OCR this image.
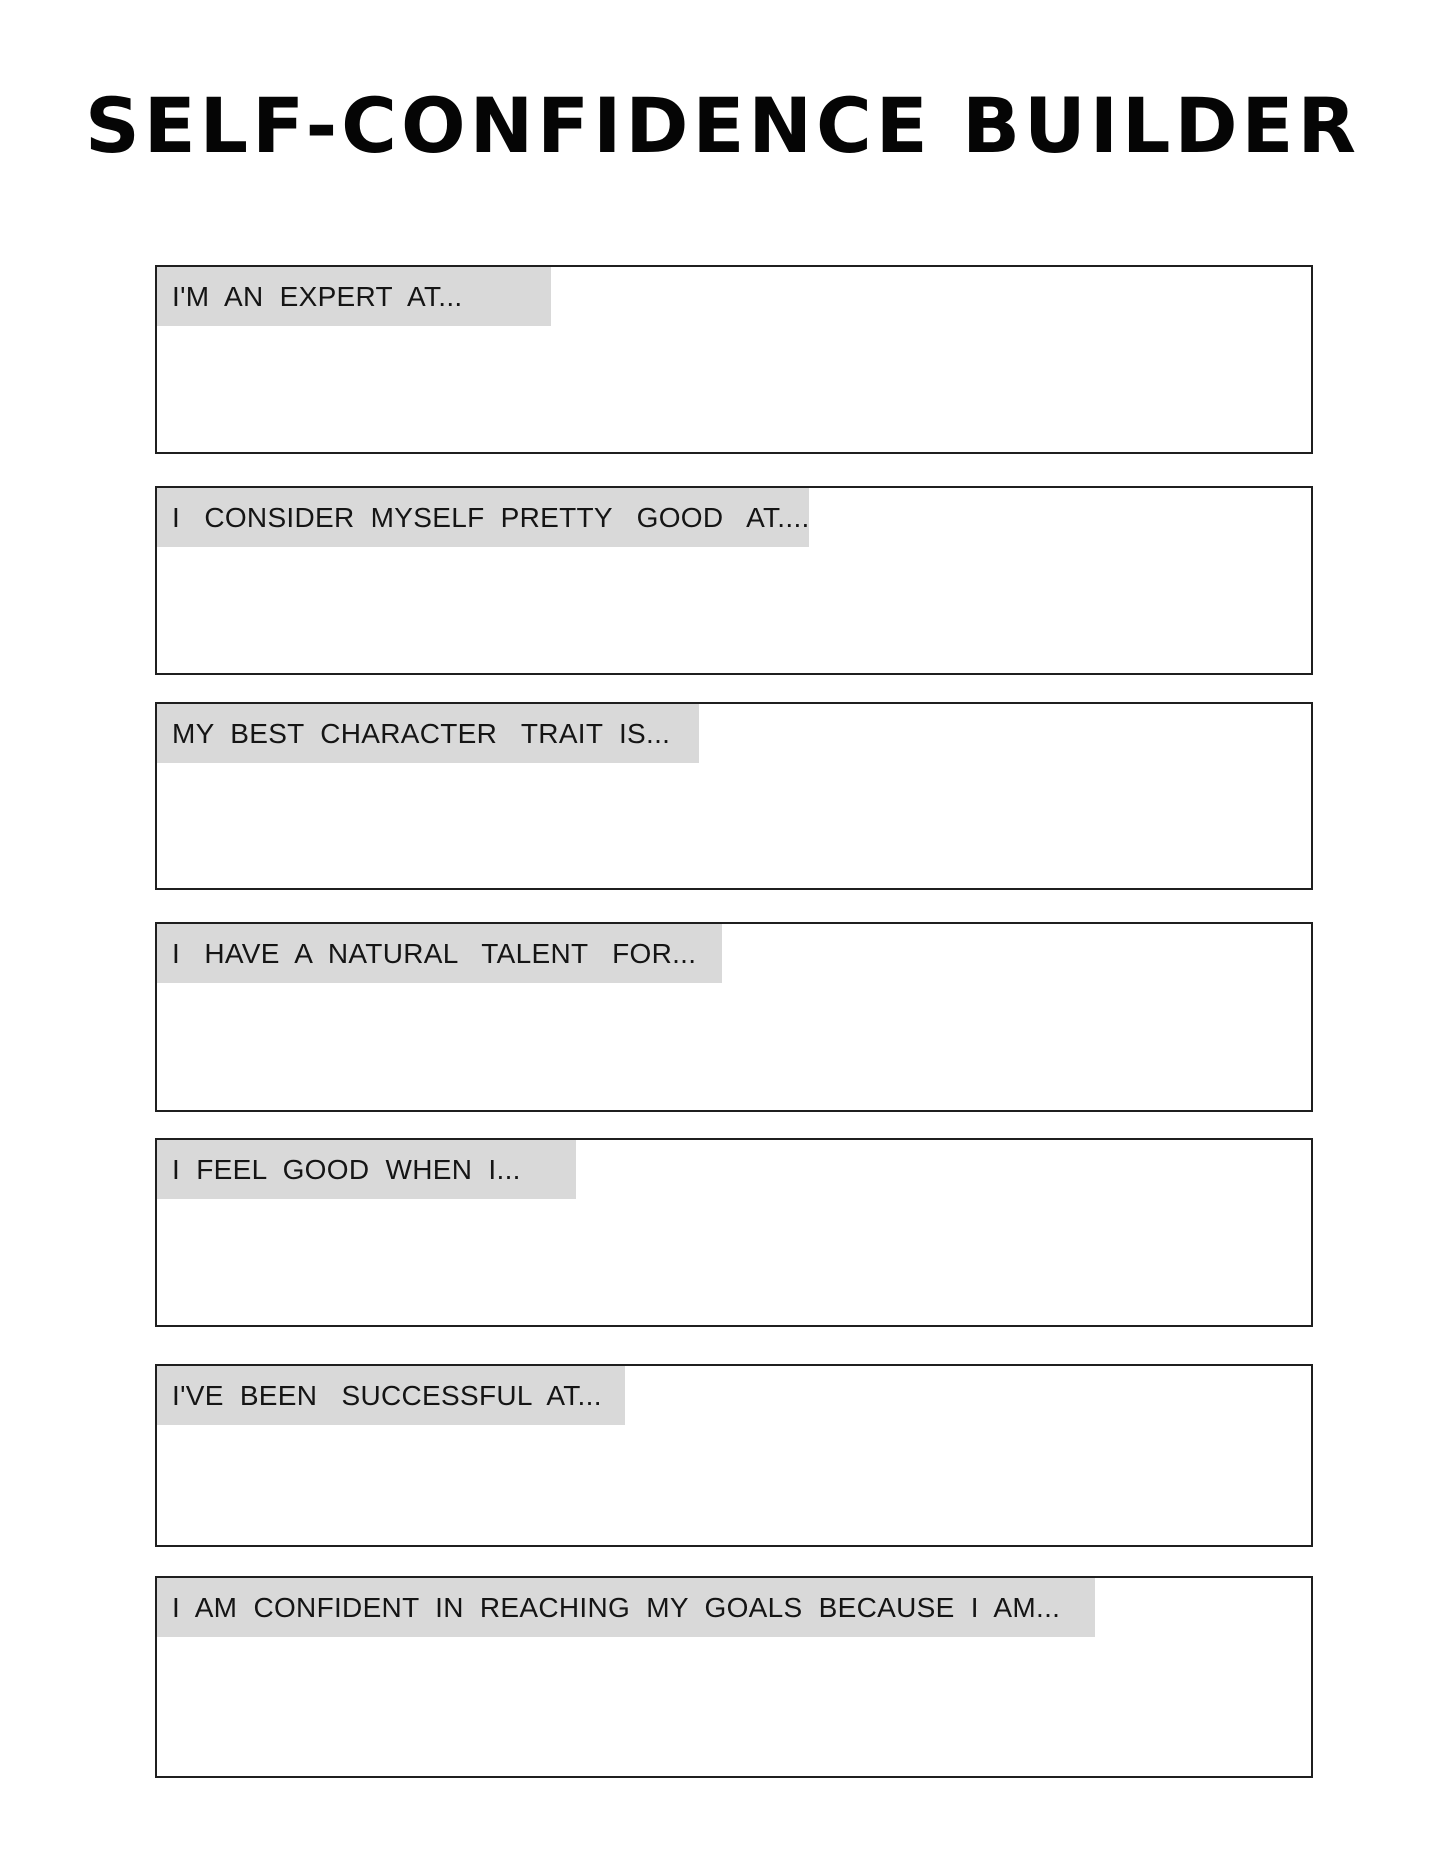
SELF-CONFIDENCE BUILDER
I'M  AN  EXPERT  AT...
I   CONSIDER  MYSELF  PRETTY   GOOD   AT....
MY  BEST  CHARACTER   TRAIT  IS...
I   HAVE  A  NATURAL   TALENT   FOR...
I  FEEL  GOOD  WHEN  I...
I'VE  BEEN   SUCCESSFUL  AT...
I  AM  CONFIDENT  IN  REACHING  MY  GOALS  BECAUSE  I  AM...
